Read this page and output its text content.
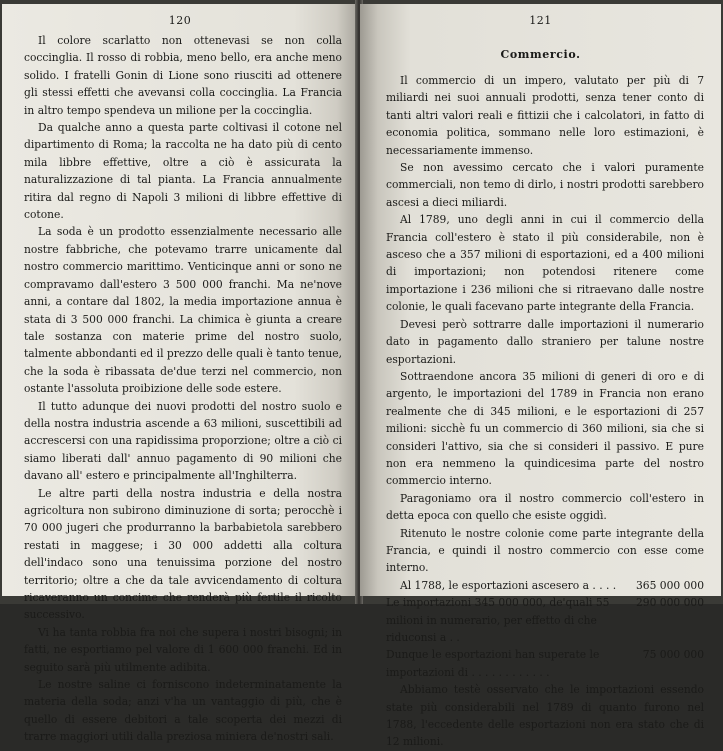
120

Il colore scarlatto non ottenevasi se non colla coccinglia. Il rosso di robbia, meno bello, era anche meno solido. I fratelli Gonin di Lione sono riusciti ad ottenere gli stessi effetti che avevansi colla coccinglia. La Francia in altro tempo spendeva un milione per la coccinglia.

Da qualche anno a questa parte coltivasi il cotone nel dipartimento di Roma; la raccolta ne ha dato più di cento mila libbre effettive, oltre a ciò è assicurata la naturalizzazione di tal pianta. La Francia annualmente ritira dal regno di Napoli 3 milioni di libbre effettive di cotone.

La soda è un prodotto essenzialmente necessario alle nostre fabbriche, che potevamo trarre unicamente dal nostro commercio marittimo. Venticinque anni or sono ne compravamo dall'estero 3 500 000 franchi. Ma ne'nove anni, a contare dal 1802, la media importazione annua è stata di 3 500 000 franchi. La chimica è giunta a creare tale sostanza con materie prime del nostro suolo, talmente abbondanti ed il prezzo delle quali è tanto tenue, che la soda è ribassata de'due terzi nel commercio, non ostante l'assoluta proibizione delle sode estere.

Il tutto adunque dei nuovi prodotti del nostro suolo e della nostra industria ascende a 63 milioni, suscettibili ad accrescersi con una rapidissima proporzione; oltre a ciò ci siamo liberati dall' annuo pagamento di 90 milioni che davano all' estero e principalmente all'Inghilterra.

Le altre parti della nostra industria e della nostra agricoltura non subirono diminuzione di sorta; perocchè i 70 000 jugeri che produrranno la barbabietola sarebbero restati in maggese; i 30 000 addetti alla coltura dell'indaco sono una tenuissima porzione del nostro territorio; oltre a che da tale avvicendamento di coltura ricaveranno un concime che renderà più fertile il ricolto successivo.

Vi ha tanta robbia fra noi che supera i nostri bisogni; in fatti, ne esportiamo pel valore di 1 600 000 franchi. Ed in seguito sarà più utilmente adibita.

Le nostre saline ci forniscono indeterminatamente la materia della soda; anzi v'ha un vantaggio di più, che è quello di essere debitori a tale scoperta dei mezzi di trarre maggiori utili dalla preziosa miniera de'nostri sali.

121
Commercio.

Il commercio di un impero, valutato per più di 7 miliardi nei suoi annuali prodotti, senza tener conto di tanti altri valori reali e fittizii che i calcolatori, in fatto di economia politica, sommano nelle loro estimazioni, è necessariamente immenso.

Se non avessimo cercato che i valori puramente commerciali, non temo di dirlo, i nostri prodotti sarebbero ascesi a dieci miliardi.

Al 1789, uno degli anni in cui il commercio della Francia coll'estero è stato il più considerabile, non è asceso che a 357 milioni di esportazioni, ed a 400 milioni di importazioni; non potendosi ritenere come importazione i 236 milioni che si ritraevano dalle nostre colonie, le quali facevano parte integrante della Francia.

Devesi però sottrarre dalle importazioni il numerario dato in pagamento dallo straniero per talune nostre esportazioni.

Sottraendone ancora 35 milioni di generi di oro e di argento, le importazioni del 1789 in Francia non erano realmente che di 345 milioni, e le esportazioni di 257 milioni: sicchè fu un commercio di 360 milioni, sia che si consideri l'attivo, sia che si consideri il passivo. E pure non era nemmeno la quindicesima parte del nostro commercio interno.

Paragoniamo ora il nostro commercio coll'estero in detta epoca con quello che esiste oggidì.

Ritenuto le nostre colonie come parte integrante della Francia, e quindi il nostro commercio con esse come interno.

Al 1788, le esportazioni ascesero a . . . .	365 000 000
Le importazioni 345 000 000, de'quali 55 milioni in numerario, per effetto di che riduconsi a . .
290 000 000
Dunque le esportazioni han superate le importazioni di . . . . . . . . . . . .
75 000 000

Abbiamo testè osservato che le importazioni essendo state più considerabili nel 1789 di quanto furono nel 1788, l'eccedente delle esportazioni non era stato che di 12 milioni.
